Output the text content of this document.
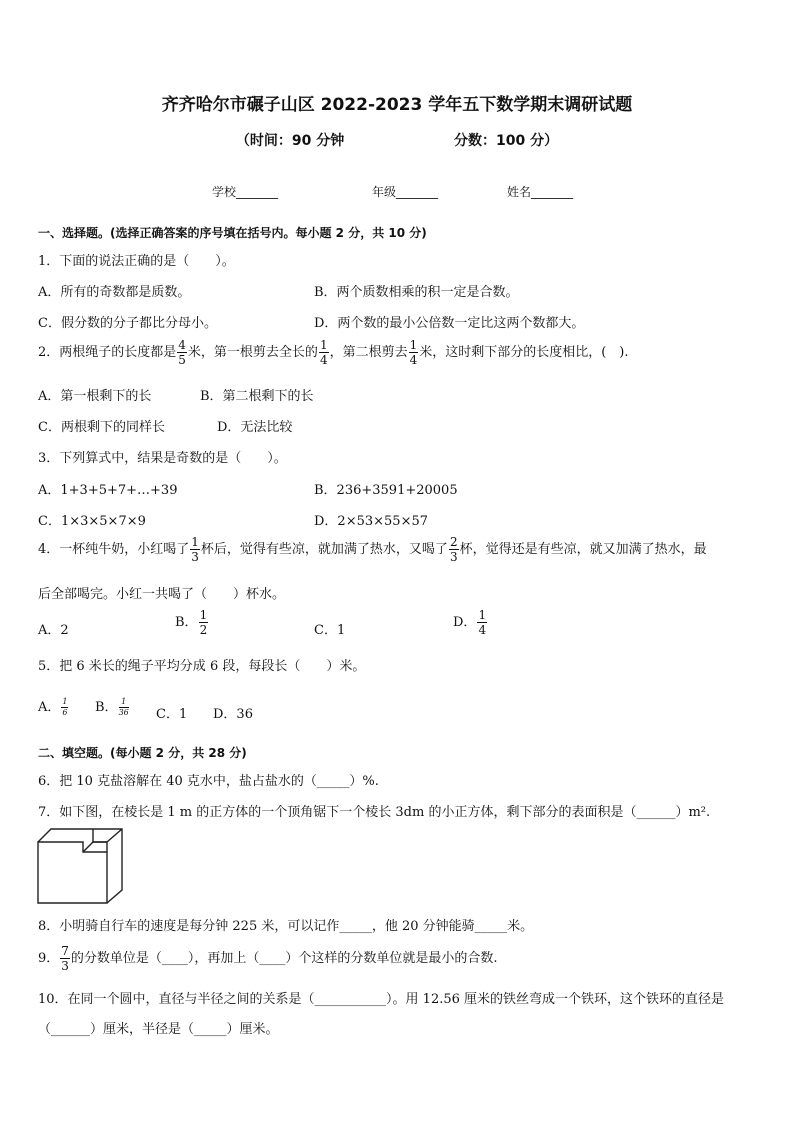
齐齐哈尔市碾子山区 2022-2023 学年五下数学期末调研试题
（时间：90 分钟	分数：100 分）
学校_______	年级_______	姓名_______
一、选择题。(选择正确答案的序号填在括号内。每小题 2 分，共 10 分)
1．下面的说法正确的是（　　）。
A．所有的奇数都是质数。	B．两个质数相乘的积一定是合数。
C．假分数的分子都比分母小。	D．两个数的最小公倍数一定比这两个数都大。
2．两根绳子的长度都是 $\frac{4}{5}$ 米，第一根剪去全长的 $\frac{1}{4}$ ，第二根剪去 $\frac{1}{4}$ 米，这时剩下部分的长度相比，(　).
A．第一根剩下的长	B．第二根剩下的长
C．两根剩下的同样长	D．无法比较
3．下列算式中，结果是奇数的是（　　）。
A．1+3+5+7+…+39	B．236+3591+20005
C．1×3×5×7×9	D．2×53×55×57
4．一杯纯牛奶，小红喝了 $\frac{1}{3}$ 杯后，觉得有些凉，就加满了热水，又喝了 $\frac{2}{3}$ 杯，觉得还是有些凉，就又加满了热水，最
后全部喝完。小红一共喝了（　　）杯水。
A．2
B． $\frac{1}{2}$	C．1
D． $\frac{1}{4}$
5．把 6 米长的绳子平均分成 6 段，每段长（　　）米。
A． $\frac{1}{6}$ B． $\frac{1}{36}$ C．1 D．36
二、填空题。(每小题 2 分，共 28 分)
6．把 10 克盐溶解在 40 克水中，盐占盐水的（_____）%.
7．如下图，在棱长是 1 m 的正方体的一个顶角锯下一个棱长 3dm 的小正方体，剩下部分的表面积是（______）m².
8．小明骑自行车的速度是每分钟 225 米，可以记作_____，他 20 分钟能骑_____米。
9． $\frac{7}{3}$ 的分数单位是（____），再加上（____）个这样的分数单位就是最小的合数.
10．在同一个圆中，直径与半径之间的关系是（___________）。用 12.56 厘米的铁丝弯成一个铁环，这个铁环的直径是
（______）厘米，半径是（_____）厘米。
